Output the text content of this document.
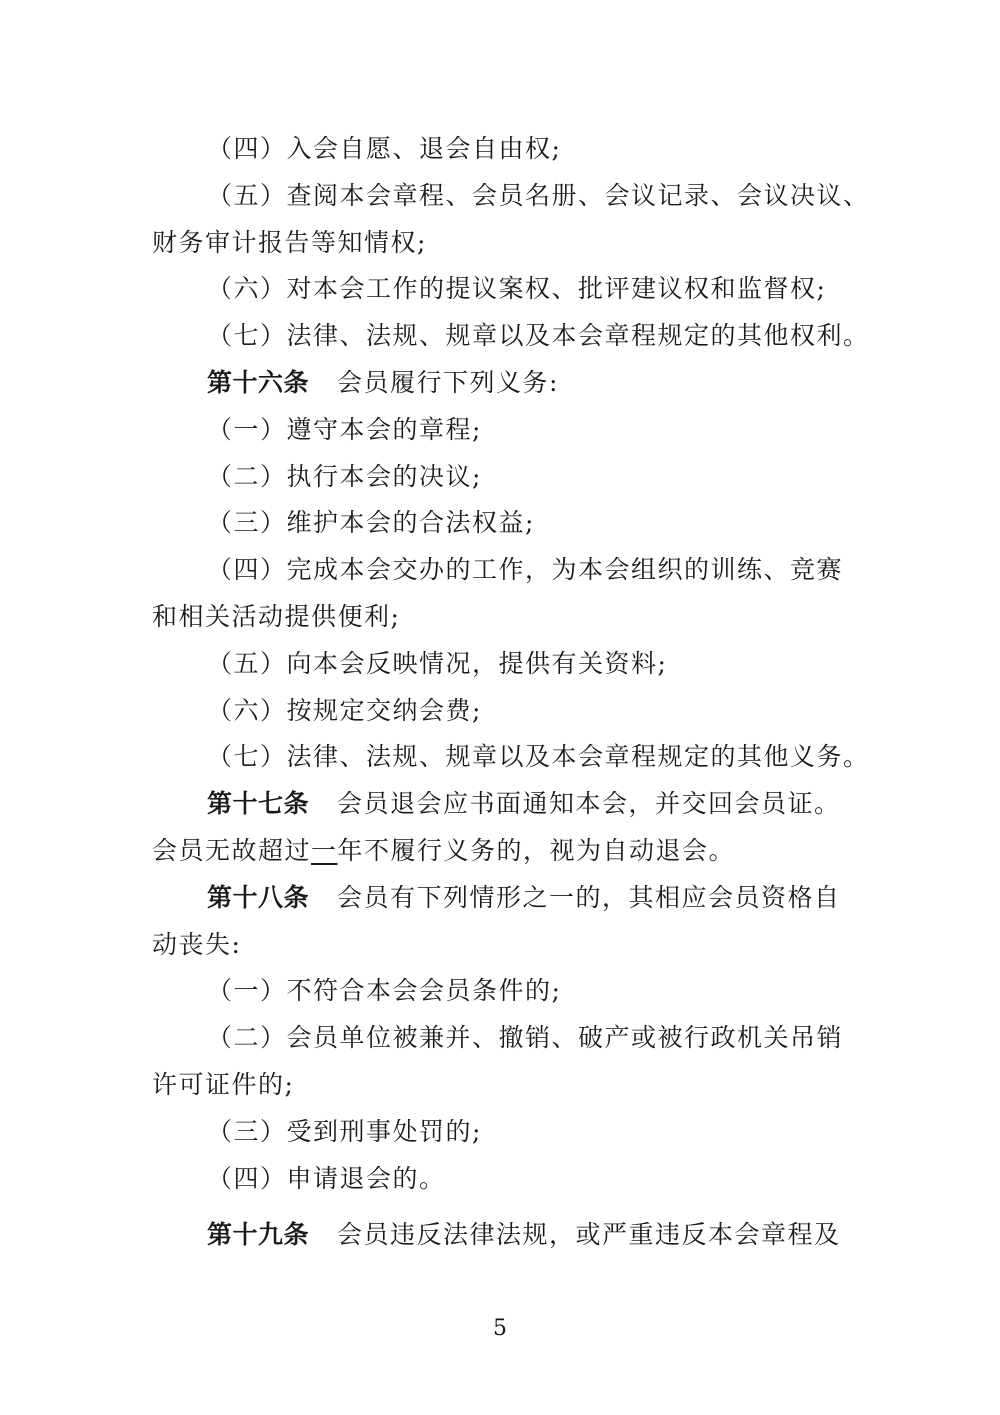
（四）入会自愿、退会自由权;
（五）查阅本会章程、会员名册、会议记录、会议决议、
财务审计报告等知情权;
（六）对本会工作的提议案权、批评建议权和监督权;
（七）法律、法规、规章以及本会章程规定的其他权利。
第十六条 会员履行下列义务:
（一）遵守本会的章程;
（二）执行本会的决议;
（三）维护本会的合法权益;
（四）完成本会交办的工作，为本会组织的训练、竞赛
和相关活动提供便利;
（五）向本会反映情况，提供有关资料;
（六）按规定交纳会费;
（七）法律、法规、规章以及本会章程规定的其他义务。
第十七条 会员退会应书面通知本会，并交回会员证。
会员无故超过一年不履行义务的，视为自动退会。
第十八条 会员有下列情形之一的，其相应会员资格自
动丧失:
（一）不符合本会会员条件的;
（二）会员单位被兼并、撤销、破产或被行政机关吊销
许可证件的;
（三）受到刑事处罚的;
（四）申请退会的。
第十九条 会员违反法律法规，或严重违反本会章程及
5
